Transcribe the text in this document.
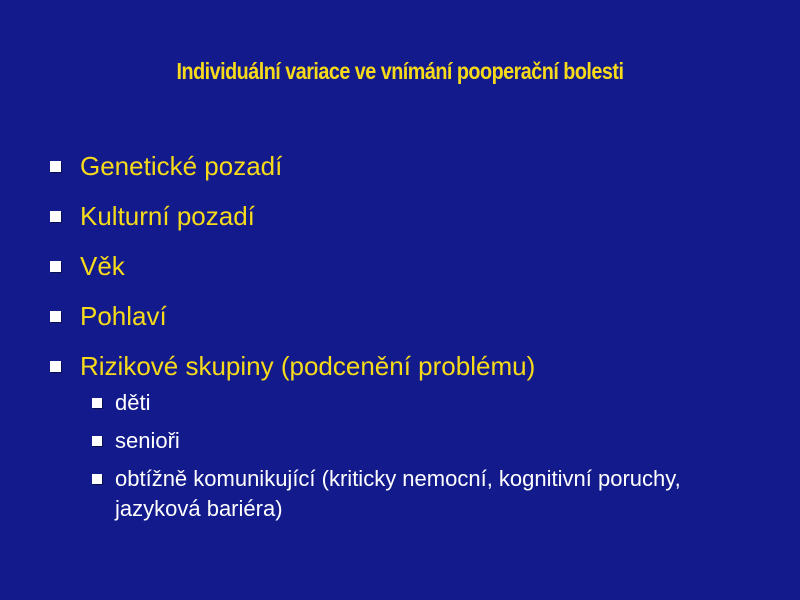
Individuální variace ve vnímání pooperační bolesti
Genetické pozadí
Kulturní pozadí
Věk
Pohlaví
Rizikové skupiny (podcenění problému)
děti
senioři
obtížně komunikující (kriticky nemocní, kognitivní poruchy, jazyková bariéra)
